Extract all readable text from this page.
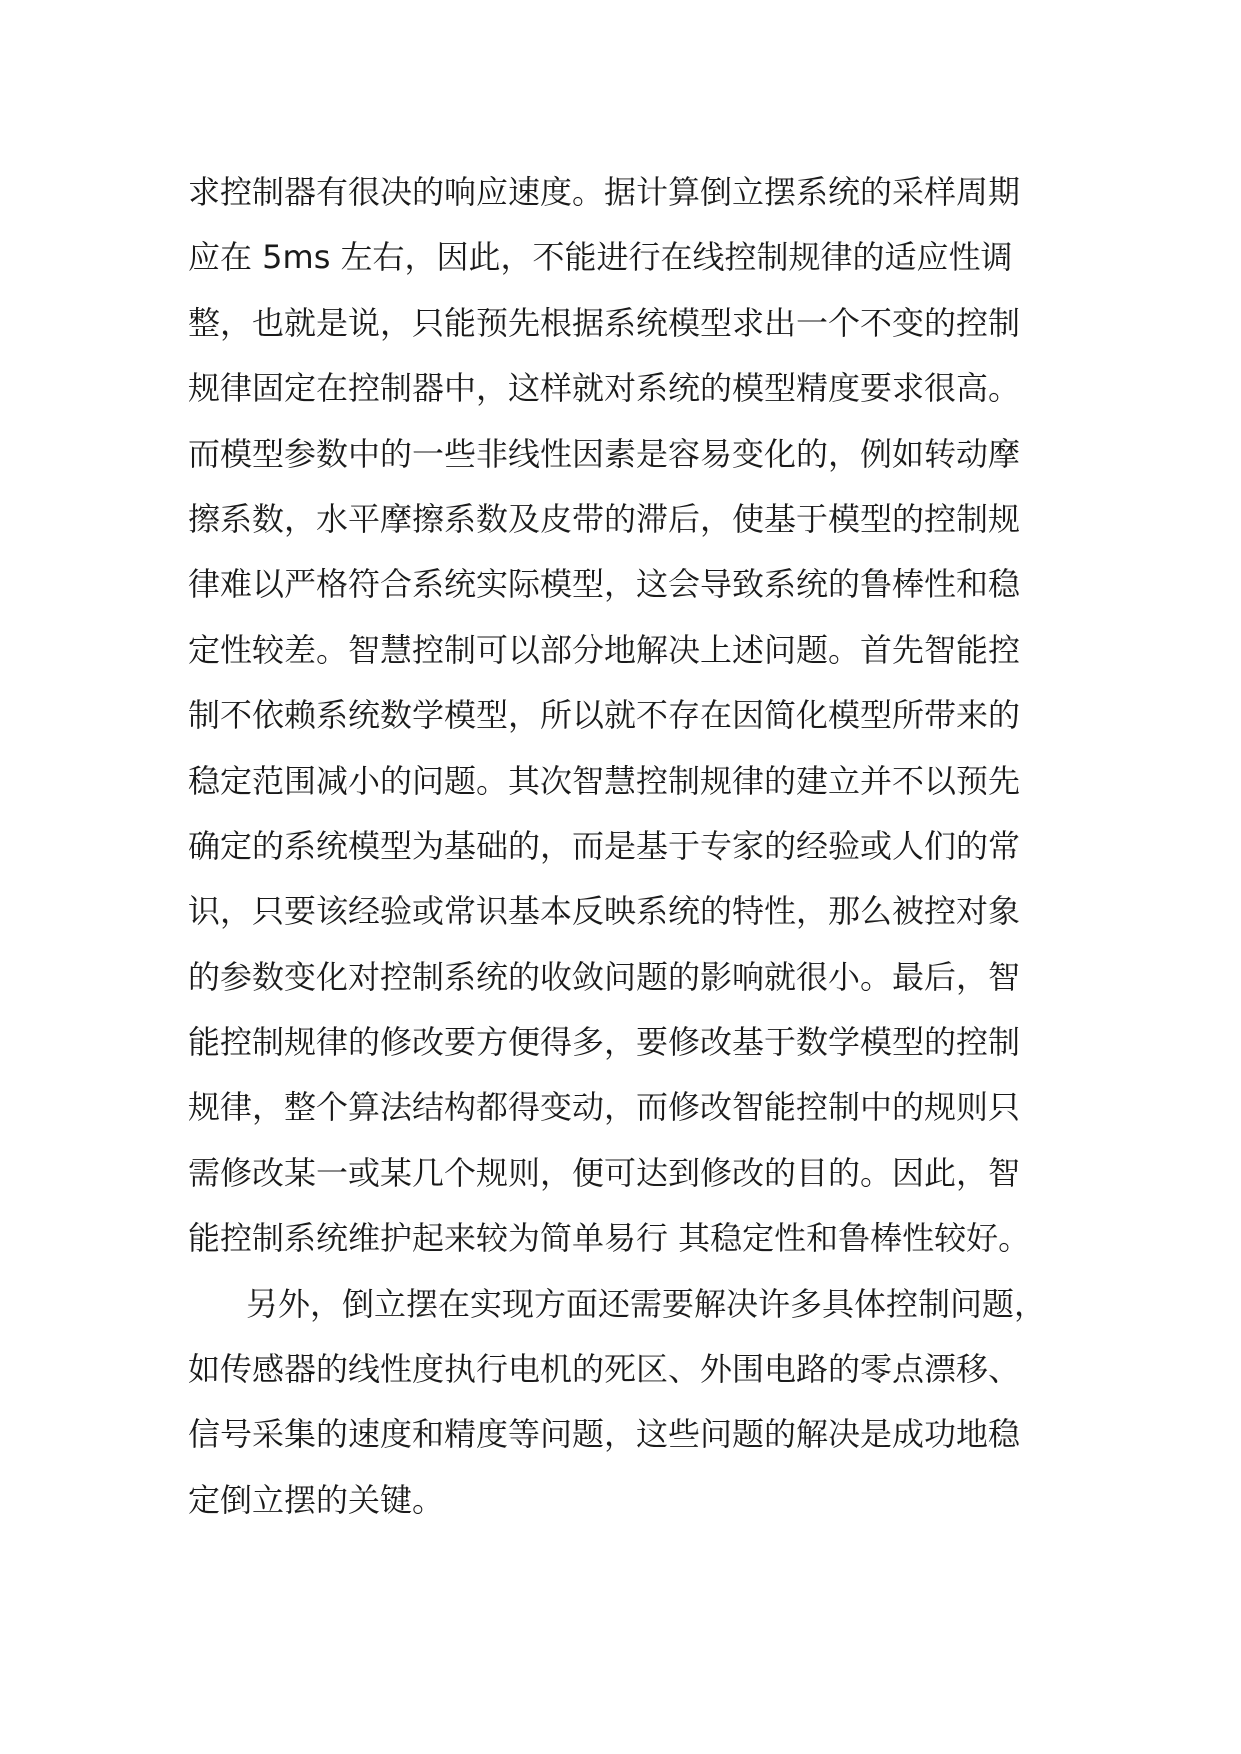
求控制器有很决的响应速度。据计算倒立摆系统的采样周期
应在 5ms 左右，因此，不能进行在线控制规律的适应性调
整，也就是说，只能预先根据系统模型求出一个不变的控制
规律固定在控制器中，这样就对系统的模型精度要求很高。
而模型参数中的一些非线性因素是容易变化的，例如转动摩
擦系数，水平摩擦系数及皮带的滞后，使基于模型的控制规
律难以严格符合系统实际模型，这会导致系统的鲁棒性和稳
定性较差。智慧控制可以部分地解决上述问题。首先智能控
制不依赖系统数学模型，所以就不存在因简化模型所带来的
稳定范围减小的问题。其次智慧控制规律的建立并不以预先
确定的系统模型为基础的，而是基于专家的经验或人们的常
识，只要该经验或常识基本反映系统的特性，那么被控对象
的参数变化对控制系统的收敛问题的影响就很小。最后，智
能控制规律的修改要方便得多，要修改基于数学模型的控制
规律，整个算法结构都得变动，而修改智能控制中的规则只
需修改某一或某几个规则，便可达到修改的目的。因此，智
能控制系统维护起来较为简单易行 其稳定性和鲁棒性较好。
另外，倒立摆在实现方面还需要解决许多具体控制问题，
如传感器的线性度执行电机的死区、外围电路的零点漂移、
信号采集的速度和精度等问题，这些问题的解决是成功地稳
定倒立摆的关键。
